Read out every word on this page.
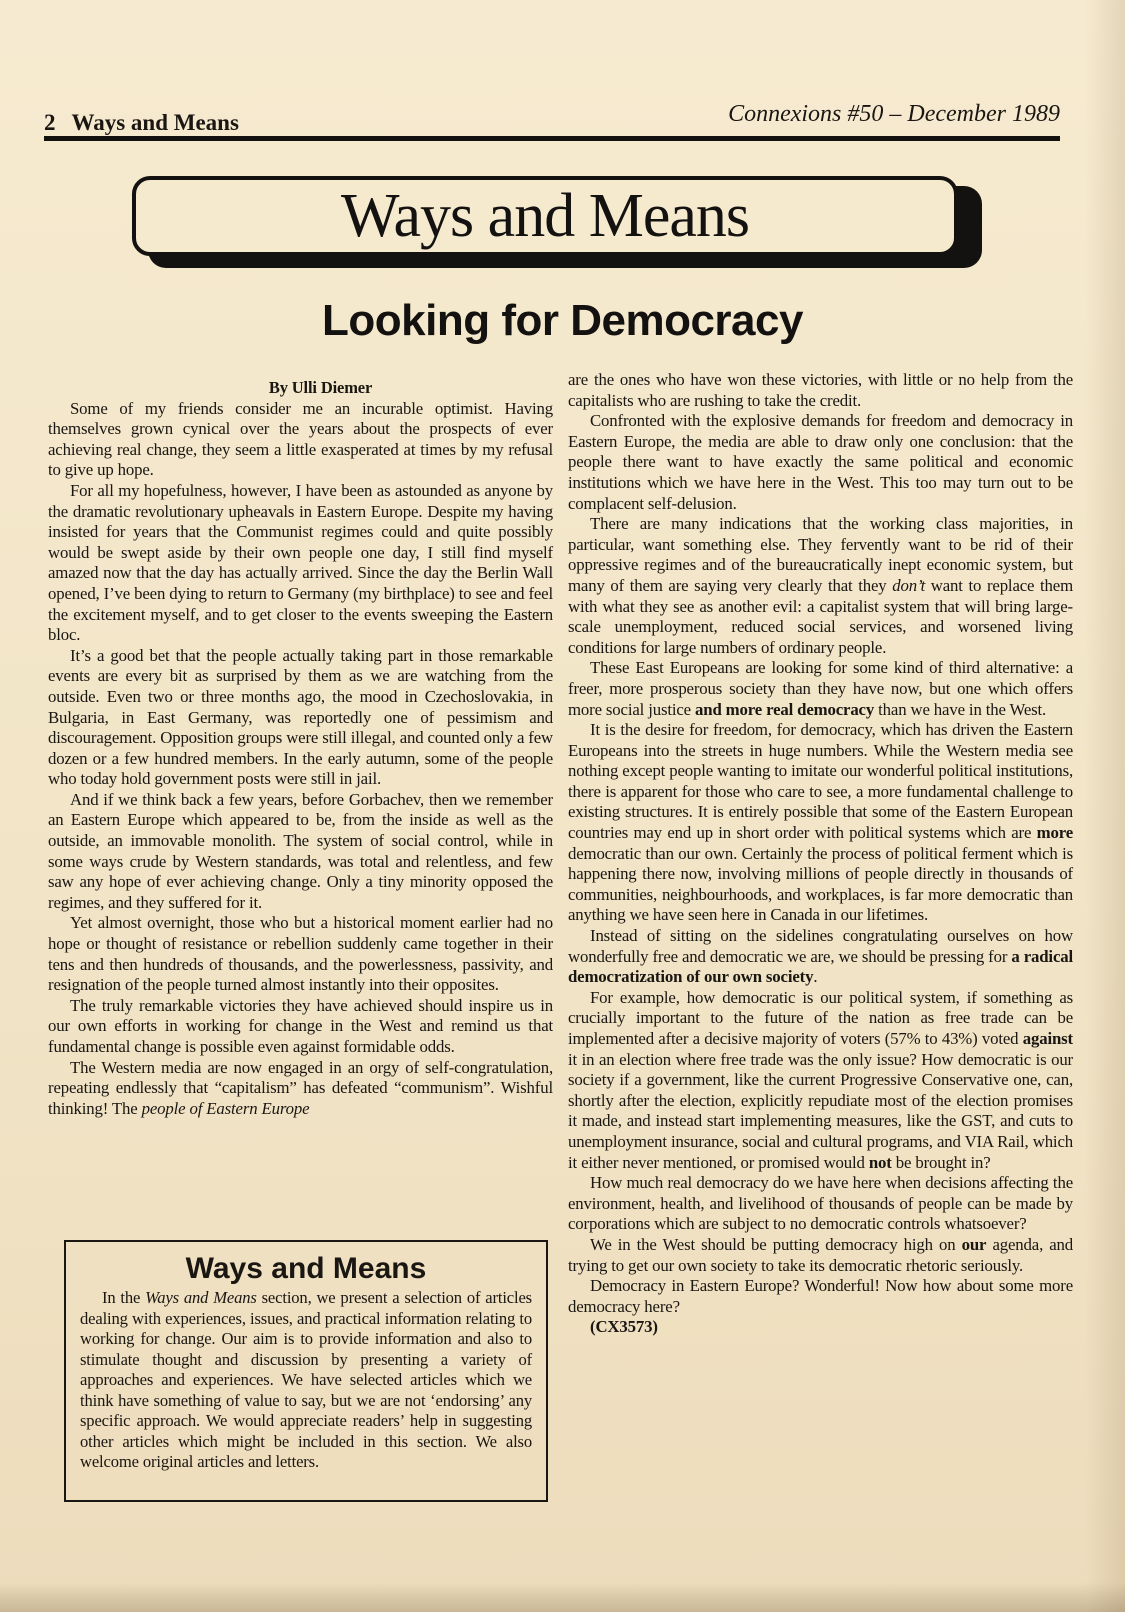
2 Ways and Means	Connexions #50 – December 1989
Ways and Means
Looking for Democracy

By Ulli Diemer

Some of my friends consider me an incurable optimist. Having themselves grown cynical over the years about the prospects of ever achieving real change, they seem a little exasperated at times by my refusal to give up hope.

For all my hopefulness, however, I have been as astounded as anyone by the dramatic revolutionary upheavals in Eastern Europe. Despite my having insisted for years that the Communist regimes could and quite possibly would be swept aside by their own people one day, I still find myself amazed now that the day has actually arrived. Since the day the Berlin Wall opened, I’ve been dying to return to Germany (my birthplace) to see and feel the excitement myself, and to get closer to the events sweeping the Eastern bloc.

It’s a good bet that the people actually taking part in those remarkable events are every bit as surprised by them as we are watching from the outside. Even two or three months ago, the mood in Czechoslovakia, in Bulgaria, in East Germany, was reportedly one of pessimism and discouragement. Opposition groups were still illegal, and counted only a few dozen or a few hundred members. In the early autumn, some of the people who today hold government posts were still in jail.

And if we think back a few years, before Gorbachev, then we remember an Eastern Europe which appeared to be, from the inside as well as the outside, an immovable monolith. The system of social control, while in some ways crude by Western standards, was total and relentless, and few saw any hope of ever achieving change. Only a tiny minority opposed the regimes, and they suffered for it.

Yet almost overnight, those who but a historical moment earlier had no hope or thought of resistance or rebellion suddenly came together in their tens and then hundreds of thousands, and the powerlessness, passivity, and resignation of the people turned almost instantly into their opposites.

The truly remarkable victories they have achieved should inspire us in our own efforts in working for change in the West and remind us that fundamental change is possible even against formidable odds.

The Western media are now engaged in an orgy of self-congratulation, repeating endlessly that “capitalism” has defeated “communism”. Wishful thinking! The people of Eastern Europe

are the ones who have won these victories, with little or no help from the capitalists who are rushing to take the credit.

Confronted with the explosive demands for freedom and democracy in Eastern Europe, the media are able to draw only one conclusion: that the people there want to have exactly the same political and economic institutions which we have here in the West. This too may turn out to be complacent self-delusion.

There are many indications that the working class majorities, in particular, want something else. They fervently want to be rid of their oppressive regimes and of the bureaucratically inept economic system, but many of them are saying very clearly that they don’t want to replace them with what they see as another evil: a capitalist system that will bring large-scale unemployment, reduced social services, and worsened living conditions for large numbers of ordinary people.

These East Europeans are looking for some kind of third alternative: a freer, more prosperous society than they have now, but one which offers more social justice and more real democracy than we have in the West.

It is the desire for freedom, for democracy, which has driven the Eastern Europeans into the streets in huge numbers. While the Western media see nothing except people wanting to imitate our wonderful political institutions, there is apparent for those who care to see, a more fundamental challenge to existing structures. It is entirely possible that some of the Eastern European countries may end up in short order with political systems which are more democratic than our own. Certainly the process of political ferment which is happening there now, involving millions of people directly in thousands of communities, neighbourhoods, and workplaces, is far more democratic than anything we have seen here in Canada in our lifetimes.

Instead of sitting on the sidelines congratulating ourselves on how wonderfully free and democratic we are, we should be pressing for a radical democratization of our own society.

For example, how democratic is our political system, if something as crucially important to the future of the nation as free trade can be implemented after a decisive majority of voters (57% to 43%) voted against it in an election where free trade was the only issue? How democratic is our society if a government, like the current Progressive Conservative one, can, shortly after the election, explicitly repudiate most of the election promises it made, and instead start implementing measures, like the GST, and cuts to unemployment insurance, social and cultural programs, and VIA Rail, which it either never mentioned, or promised would not be brought in?

How much real democracy do we have here when decisions affecting the environment, health, and livelihood of thousands of people can be made by corporations which are subject to no democratic controls whatsoever?

We in the West should be putting democracy high on our agenda, and trying to get our own society to take its democratic rhetoric seriously.

Democracy in Eastern Europe? Wonderful! Now how about some more democracy here?

(CX3573)

Ways and Means
In the Ways and Means section, we present a selection of articles dealing with experiences, issues, and practical information relating to working for change. Our aim is to provide information and also to stimulate thought and discussion by presenting a variety of approaches and experiences. We have selected articles which we think have something of value to say, but we are not ‘endorsing’ any specific approach. We would appreciate readers’ help in suggesting other articles which might be included in this section. We also welcome original articles and letters.
